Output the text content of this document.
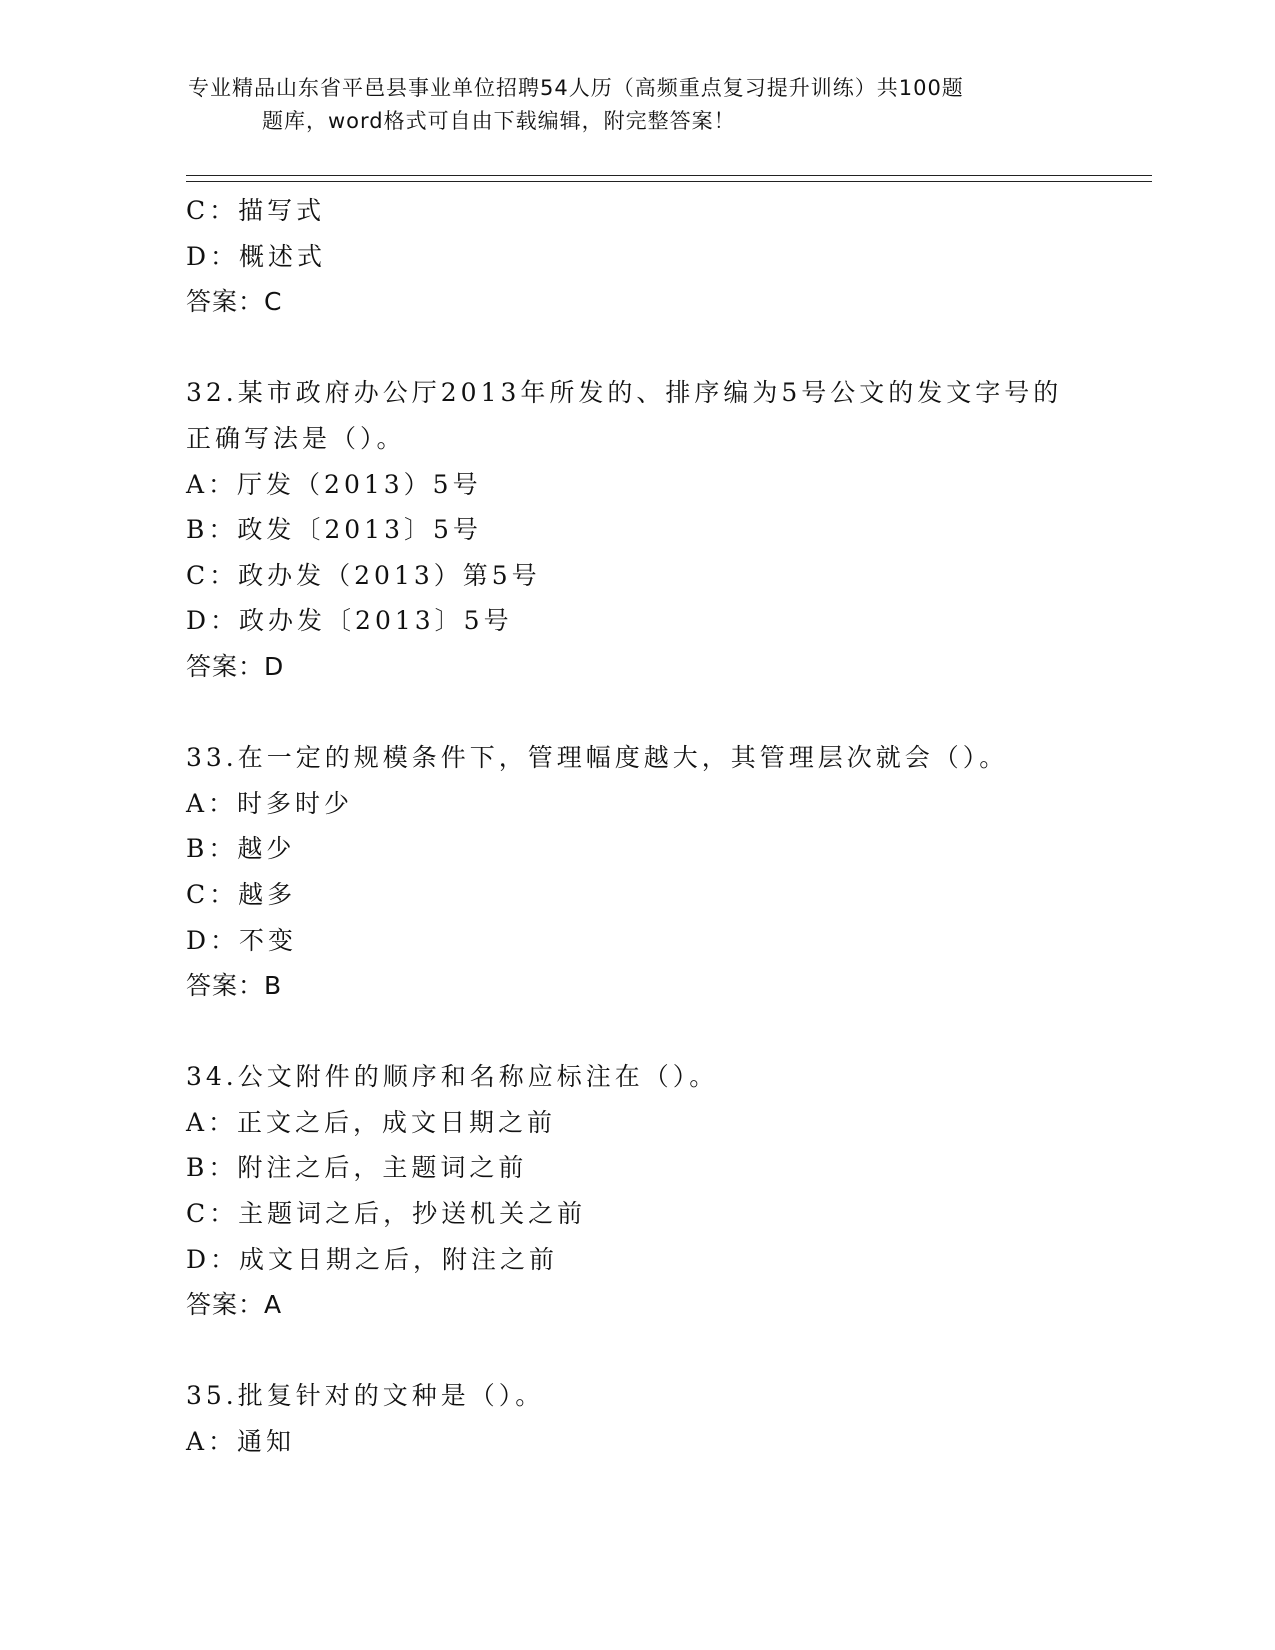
专业精品山东省平邑县事业单位招聘54人历（高频重点复习提升训练）共100题
题库，word格式可自由下载编辑，附完整答案！
C：描写式
D：概述式
答案：C
32.某市政府办公厅2013年所发的、排序编为5号公文的发文字号的
正确写法是（）。
A：厅发（2013）5号
B：政发〔2013〕5号
C：政办发（2013）第5号
D：政办发〔2013〕5号
答案：D
33.在一定的规模条件下，管理幅度越大，其管理层次就会（）。
A：时多时少
B：越少
C：越多
D：不变
答案：B
34.公文附件的顺序和名称应标注在（）。
A：正文之后，成文日期之前
B：附注之后，主题词之前
C：主题词之后，抄送机关之前
D：成文日期之后，附注之前
答案：A
35.批复针对的文种是（）。
A：通知
